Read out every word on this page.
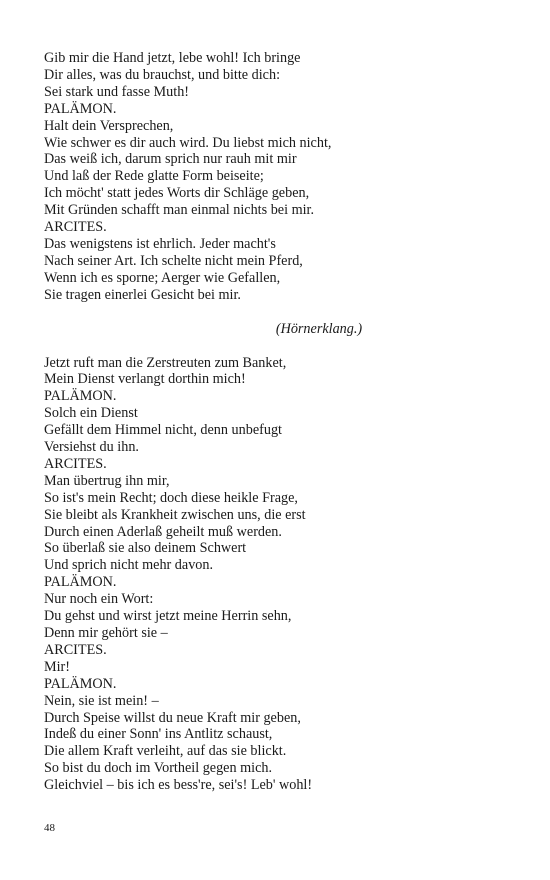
Gib mir die Hand jetzt, lebe wohl! Ich bringe
Dir alles, was du brauchst, und bitte dich:
Sei stark und fasse Muth!
PALÄMON.
Halt dein Versprechen,
Wie schwer es dir auch wird. Du liebst mich nicht,
Das weiß ich, darum sprich nur rauh mit mir
Und laß der Rede glatte Form beiseite;
Ich möcht' statt jedes Worts dir Schläge geben,
Mit Gründen schafft man einmal nichts bei mir.
ARCITES.
Das wenigstens ist ehrlich. Jeder macht's
Nach seiner Art. Ich schelte nicht mein Pferd,
Wenn ich es sporne; Aerger wie Gefallen,
Sie tragen einerlei Gesicht bei mir.
(Hörnerklang.)
Jetzt ruft man die Zerstreuten zum Banket,
Mein Dienst verlangt dorthin mich!
PALÄMON.
Solch ein Dienst
Gefällt dem Himmel nicht, denn unbefugt
Versiehst du ihn.
ARCITES.
Man übertrug ihn mir,
So ist's mein Recht; doch diese heikle Frage,
Sie bleibt als Krankheit zwischen uns, die erst
Durch einen Aderlaß geheilt muß werden.
So überlaß sie also deinem Schwert
Und sprich nicht mehr davon.
PALÄMON.
Nur noch ein Wort:
Du gehst und wirst jetzt meine Herrin sehn,
Denn mir gehört sie –
ARCITES.
Mir!
PALÄMON.
Nein, sie ist mein! –
Durch Speise willst du neue Kraft mir geben,
Indeß du einer Sonn' ins Antlitz schaust,
Die allem Kraft verleiht, auf das sie blickt.
So bist du doch im Vortheil gegen mich.
Gleichviel – bis ich es bess're, sei's! Leb' wohl!
48
